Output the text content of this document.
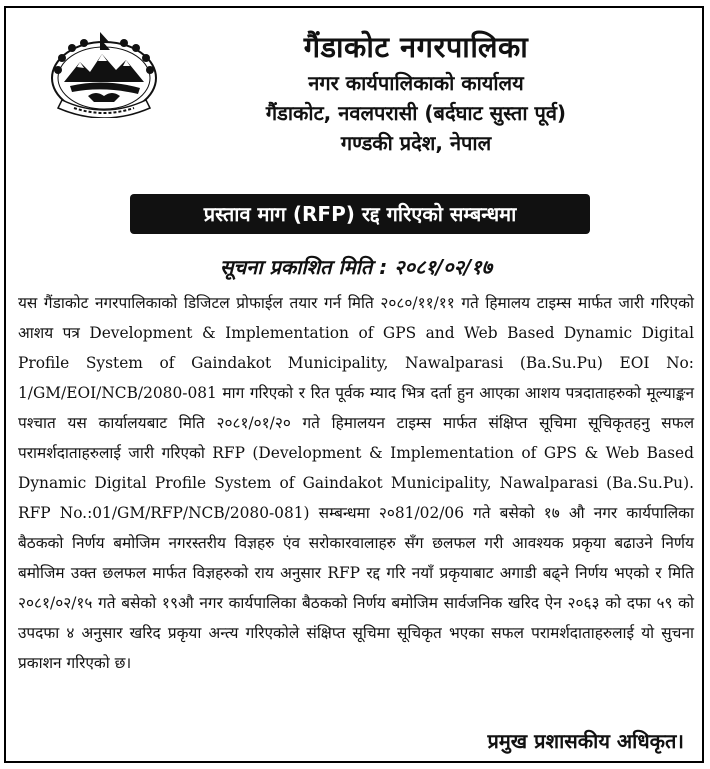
गैंडाकोट नगरपालिका
नगर कार्यपालिकाको कार्यालय
गैंडाकोट, नवलपरासी (बर्दघाट सुस्ता पूर्व)
गण्डकी प्रदेश, नेपाल
प्रस्ताव माग (RFP) रद्द गरिएको सम्बन्धमा
सूचना प्रकाशित मिति : २०८१/०२/१७
यस गैंडाकोट नगरपालिकाको डिजिटल प्रोफाईल तयार गर्न मिति २०८०/११/११ गते हिमालय टाइम्स मार्फत जारी गरिएको आशय पत्र Development & Implementation of GPS and Web Based Dynamic Digital Profile System of Gaindakot Municipality, Nawalparasi (Ba.Su.Pu) EOI No: 1/GM/EOI/NCB/2080-081 माग गरिएको र रित पूर्वक म्याद भित्र दर्ता हुन आएका आशय पत्रदाताहरुको मूल्याङ्कन पश्चात यस कार्यालयबाट मिति २०८१/०१/२० गते हिमालयन टाइम्स मार्फत संक्षिप्त सूचिमा सूचिकृतहनु सफल परामर्शदाताहरुलाई जारी गरिएको RFP (Development & Implementation of GPS & Web Based Dynamic Digital Profile System of Gaindakot Municipality, Nawalparasi (Ba.Su.Pu). RFP No.:01/GM/RFP/NCB/2080-081) सम्बन्धमा २०81/02/06 गते बसेको १७ औ नगर कार्यपालिका बैठकको निर्णय बमोजिम नगरस्तरीय विज्ञहरु एंव सरोकारवालाहरु सँग छलफल गरी आवश्यक प्रकृया बढाउने निर्णय बमोजिम उक्त छलफल मार्फत विज्ञहरुको राय अनुसार RFP रद्द गरि नयाँ प्रकृयाबाट अगाडी बढ्ने निर्णय भएको र मिति २०८१/०२/१५ गते बसेको १९औ नगर कार्यपालिका बैठकको निर्णय बमोजिम सार्वजनिक खरिद ऐन २०६३ को दफा ५९ को उपदफा ४ अनुसार खरिद प्रकृया अन्त्य गरिएकोले संक्षिप्त सूचिमा सूचिकृत भएका सफल परामर्शदाताहरुलाई यो सुचना प्रकाशन गरिएको छ।
प्रमुख प्रशासकीय अधिकृत।
